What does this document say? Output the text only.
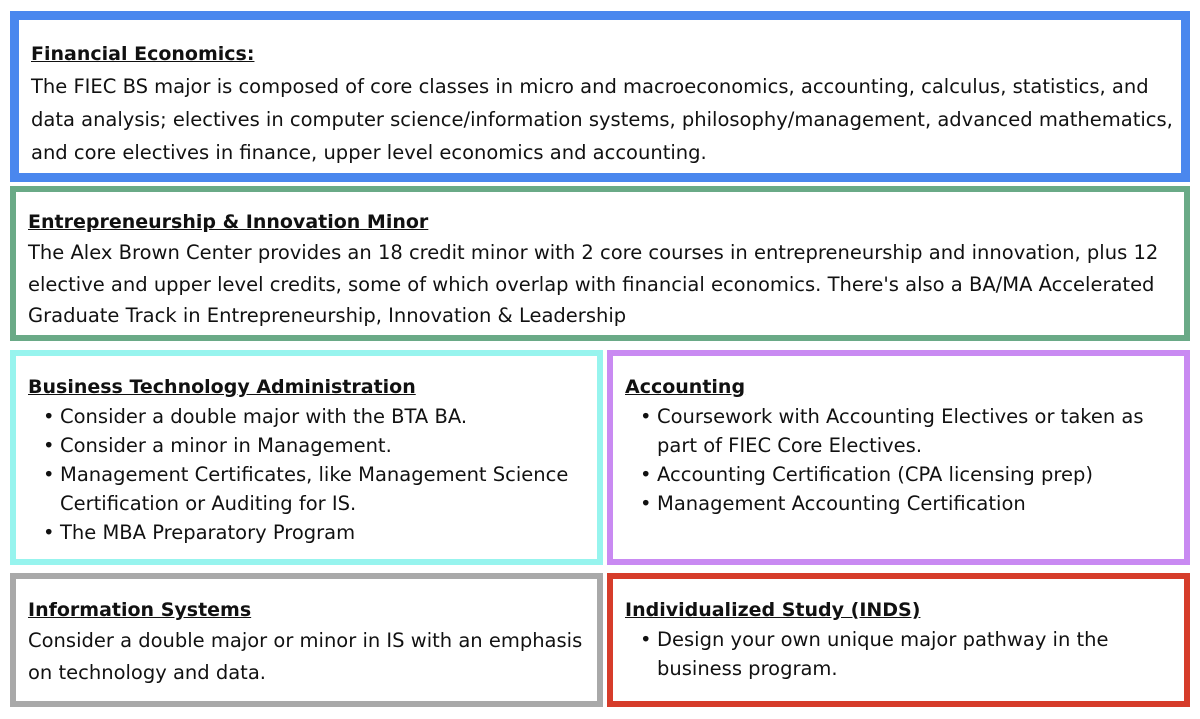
Financial Economics:

The FIEC BS major is composed of core classes in micro and macroeconomics, accounting, calculus, statistics, and data analysis; electives in computer science/information systems, philosophy/management, advanced mathematics, and core electives in finance, upper level economics and accounting.

Entrepreneurship & Innovation Minor

The Alex Brown Center provides an 18 credit minor with 2 core courses in entrepreneurship and innovation, plus 12 elective and upper level credits, some of which overlap with financial economics. There's also a BA/MA Accelerated Graduate Track in Entrepreneurship, Innovation & Leadership

Business Technology Administration
• Consider a double major with the BTA BA.
• Consider a minor in Management.
• Management Certificates, like Management Science Certification or Auditing for IS.
• The MBA Preparatory Program
Accounting
• Coursework with Accounting Electives or taken as part of FIEC Core Electives.
• Accounting Certification (CPA licensing prep)
• Management Accounting Certification
Information Systems

Consider a double major or minor in IS with an emphasis on technology and data.

Individualized Study (INDS)
• Design your own unique major pathway in the business program.
